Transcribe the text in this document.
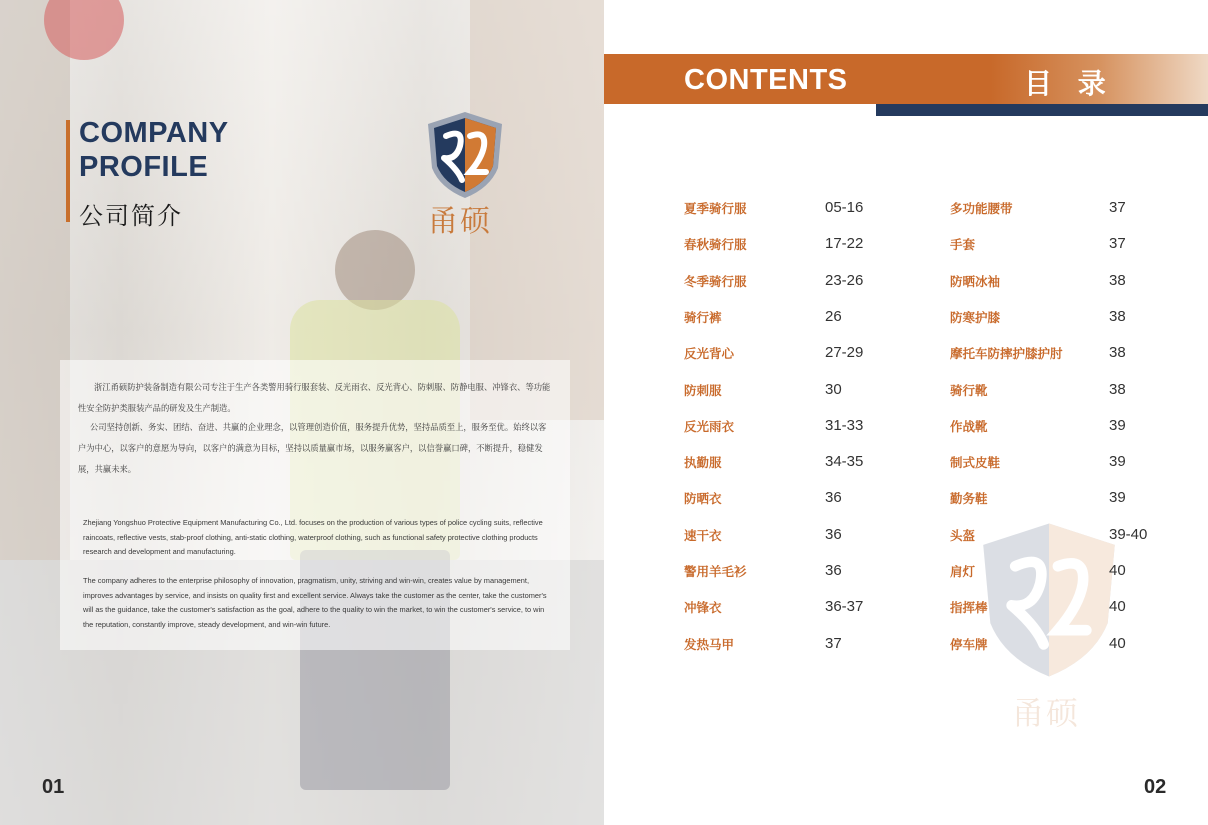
COMPANY
PROFILE
公司简介	甬硕

浙江甬硕防护装备制造有限公司专注于生产各类警用骑行服套装、反光雨衣、反光背心、防刺服、防静电服、冲锋衣、等功能性安全防护类服装产品的研发及生产制造。

公司坚持创新、务实、团结、奋进、共赢的企业理念，以管理创造价值，服务提升优势，坚持品质至上，服务至优。始终以客户为中心，以客户的意愿为导向，以客户的满意为目标，坚持以质量赢市场，以服务赢客户，以信誉赢口碑，不断提升，稳健发展，共赢未来。

Zhejiang Yongshuo Protective Equipment Manufacturing Co., Ltd. focuses on the production of various types of police cycling suits, reflective raincoats, reflective vests, stab-proof clothing, anti-static clothing, waterproof clothing, such as functional safety protective clothing products research and development and manufacturing.

The company adheres to the enterprise philosophy of innovation, pragmatism, unity, striving and win-win, creates value by management, improves advantages by service, and insists on quality first and excellent service. Always take the customer as the center, take the customer's will as the guidance, take the customer's satisfaction as the goal, adhere to the quality to win the market, to win the customer's service, to win the reputation, constantly improve, steady development, and win-win future.

01
CONTENTS	目 录
甬硕
夏季骑行服	05-16
春秋骑行服	17-22
冬季骑行服	23-26
骑行裤	26
反光背心	27-29
防刺服	30
反光雨衣	31-33
执勤服	34-35
防晒衣	36
速干衣	36
警用羊毛衫	36
冲锋衣	36-37
发热马甲	37
多功能腰带	37
手套	37
防晒冰袖	38
防寒护膝	38
摩托车防摔护膝护肘	38
骑行靴	38
作战靴	39
制式皮鞋	39
勤务鞋	39
头盔	39-40
肩灯	40
指挥棒	40
停车牌	40
02
